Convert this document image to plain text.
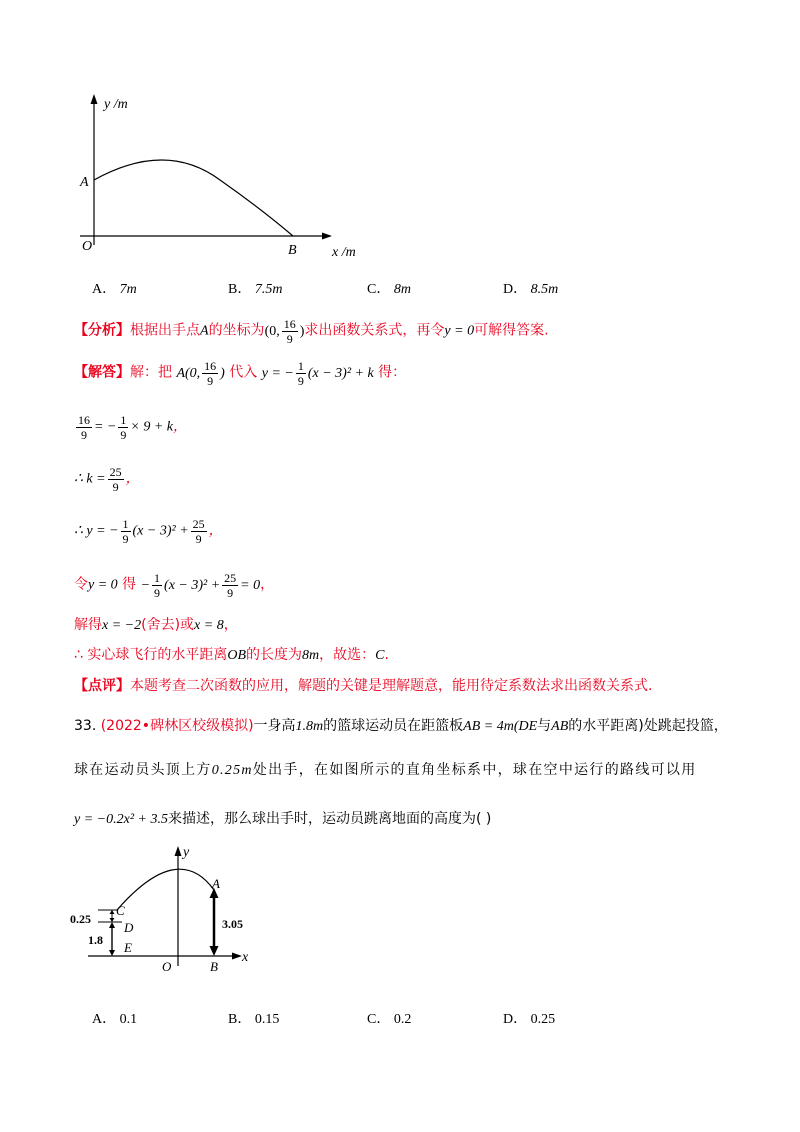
y /m
x /m
O
A
B
A． 7m	B． 7.5m	C． 8m	D． 8.5m
【分析】根据出手点A的坐标为(0, $\frac{16}{9}$ )求出函数关系式，再令y = 0可解得答案.
【解答】解：把 A(0, $\frac{16}{9}$ ) 代入 y = − $\frac{1}{9} (x - 3)^2 + k$ 得：
$\frac{16}{9}$ = − $\frac{1}{9} \times 9 + k$，
∴ $k = \frac{25}{9}$ ，
∴ y = − $\frac{1}{9} (x - 3)^2 + \frac{25}{9}$ ，
令y = 0 得 − $\frac{1}{9} (x - 3)^2 + \frac{25}{9} = 0$，
解得x = −2(舍去)或x = 8，
∴ 实心球飞行的水平距离OB的长度为8m，故选：C.
【点评】本题考查二次函数的应用，解题的关键是理解题意，能用待定系数法求出函数关系式.
33. (2022•碑林区校级模拟)一身高1.8m的篮球运动员在距篮板AB = 4m(DE与AB的水平距离)处跳起投篮，
球在运动员头顶上方0.25m处出手，在如图所示的直角坐标系中，球在空中运行的路线可以用
y = −0.2x² + 3.5来描述，那么球出手时，运动员跳离地面的高度为( )
y
x
O
C
D
E
A
B
0.25
1.8
3.05
A． 0.1	B． 0.15	C． 0.2	D． 0.25
